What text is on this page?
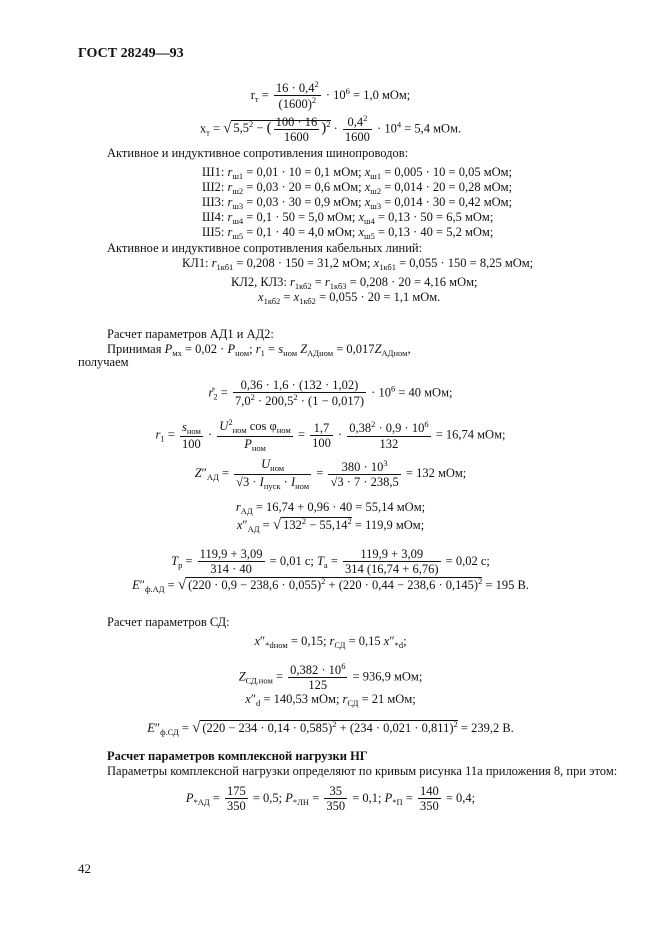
ГОСТ 28249—93
$r_т = \frac{16 \cdot 0,4^2}{(1600)^2} \cdot 10^6 = 1,0$ мОм;
$x_т$ = √ $5,5^2$ − ( $\frac{100 \cdot 16}{1600} )^2 \cdot \frac{0,4^2}{1600} \cdot 10^4 = 5,4$ мОм.
Активное и индуктивное сопротивления шинопроводов:
Ш1: $r_{ш1} = 0,01 \cdot 10 = 0,1$ мОм; $x_{ш1} = 0,005 \cdot 10 = 0,05$ мОм;
Ш2: $r_{ш2} = 0,03 \cdot 20 = 0,6$ мОм; $x_{ш2} = 0,014 \cdot 20 = 0,28$ мОм;
Ш3: $r_{ш3} = 0,03 \cdot 30 = 0,9$ мОм; $x_{ш3} = 0,014 \cdot 30 = 0,42$ мОм;
Ш4: $r_{ш4} = 0,1 \cdot 50 = 5,0$ мОм; $x_{ш4} = 0,13 \cdot 50 = 6,5$ мОм;
Ш5: $r_{ш5} = 0,1 \cdot 40 = 4,0$ мОм; $x_{ш5} = 0,13 \cdot 40 = 5,2$ мОм;
Активное и индуктивное сопротивления кабельных линий:
КЛ1: $r_{1кб1} = 0,208 \cdot 150 = 31,2$ мОм; $x_{1кб1} = 0,055 \cdot 150 = 8,25$ мОм;
КЛ2, КЛ3: $r_{1кб2} = r_{1кб3} = 0,208 \cdot 20 = 4,16$ мОм;
$x_{1кб2} = x_{1кб2} = 0,055 \cdot 20 = 1,1$ мОм.
Расчет параметров АД1 и АД2:
Принимая $P_{мх} = 0,02 \cdot P_{ном}$; $r_1 = s_{ном}$ $Z_{АДном} = 0,017Z_{АДном}$,
получаем
$r_2 = \frac{0,36 \cdot 1,6 \cdot (132 \cdot 1,02)}{7,0^2 \cdot 200,5^2 \cdot (1 - 0,017)} \cdot 10^6 = 40$ мОм;
$r_1 = \frac{s_{ном}}{100} \cdot \frac{U^2_{ном} \cos \varphi_{ном}}{P_{ном}} = \frac{1,7}{100} \cdot \frac{0,38^2 \cdot 0,9 \cdot 10^6}{132} = 16,74$ мОм;
$Z''_{АД} = \frac{U_{ном}}{√3 \cdot I_{пуск} \cdot I_{ном}} = \frac{380 \cdot 10^3}{√3 \cdot 7 \cdot 238,5} = 132$ мОм;
$r_{АД} = 16,74 + 0,96 \cdot 40 = 55,14$ мОм;
$x''_{АД}$ = √ $132^2 - 55,14^2 = 119,9$ мОм;
$T_р = \frac{119,9 + 3,09}{314 \cdot 40} = 0,01$ с; $T_а = \frac{119,9 + 3,09}{314 (16,74 + 6,76)} = 0,02$ с;
$E''_{ф.АД}$ = √ $(220 \cdot 0,9 - 238,6 \cdot 0,055)^2 + (220 \cdot 0,44 - 238,6 \cdot 0,145)^2 = 195$ В.
Расчет параметров СД:
$x''_{*dном} = 0,15$; $r_{СД} = 0,15$ $x''_{*d}$;
$Z_{СД.ном} = \frac{0,382 \cdot 10^6}{125} = 936,9$ мОм;
$x''_d = 140,53$ мОм; $r_{СД} = 21$ мОм;
$E''_{ф.СД}$ = √ $(220 - 234 \cdot 0,14 \cdot 0,585)^2 + (234 \cdot 0,021 \cdot 0,811)^2 = 239,2$ В.
Расчет параметров комплексной нагрузки НГ
Параметры комплексной нагрузки определяют по кривым рисунка 11а приложения 8, при этом:
$P_{*АД} = \frac{175}{350} = 0,5$; $P_{*ЛН} = \frac{35}{350} = 0,1$; $P_{*П} = \frac{140}{350} = 0,4$;
42
